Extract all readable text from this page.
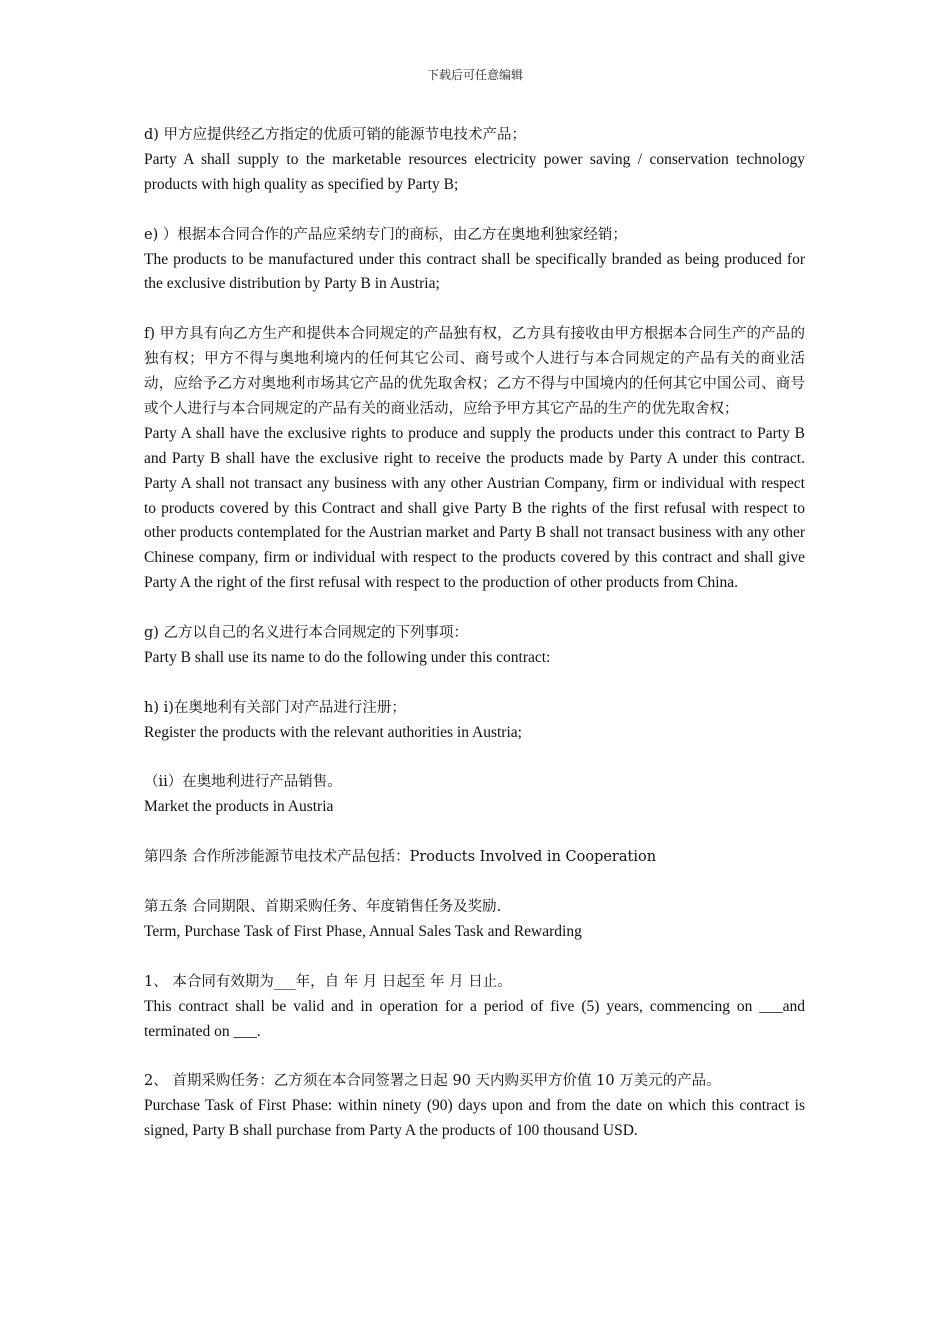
下载后可任意编辑

d) 甲方应提供经乙方指定的优质可销的能源节电技术产品；

Party A shall supply to the marketable resources electricity power saving / conservation technology products with high quality as specified by Party B;

e) ）根据本合同合作的产品应采纳专门的商标，由乙方在奥地利独家经销；

The products to be manufactured under this contract shall be specifically branded as being produced for the exclusive distribution by Party B in Austria;

f) 甲方具有向乙方生产和提供本合同规定的产品独有权，乙方具有接收由甲方根据本合同生产的产品的独有权；甲方不得与奥地利境内的任何其它公司、商号或个人进行与本合同规定的产品有关的商业活动，应给予乙方对奥地利市场其它产品的优先取舍权；乙方不得与中国境内的任何其它中国公司、商号或个人进行与本合同规定的产品有关的商业活动，应给予甲方其它产品的生产的优先取舍权；

Party A shall have the exclusive rights to produce and supply the products under this contract to Party B and Party B shall have the exclusive right to receive the products made by Party A under this contract. Party A shall not transact any business with any other Austrian Company, firm or individual with respect to products covered by this Contract and shall give Party B the rights of the first refusal with respect to other products contemplated for the Austrian market and Party B shall not transact business with any other Chinese company, firm or individual with respect to the products covered by this contract and shall give Party A the right of the first refusal with respect to the production of other products from China.

g) 乙方以自己的名义进行本合同规定的下列事项：

Party B shall use its name to do the following under this contract:

h) i)在奥地利有关部门对产品进行注册；

Register the products with the relevant authorities in Austria;

（ii）在奥地利进行产品销售。

Market the products in Austria

第四条 合作所涉能源节电技术产品包括：Products Involved in Cooperation

第五条 合同期限、首期采购任务、年度销售任务及奖励.

Term, Purchase Task of First Phase, Annual Sales Task and Rewarding

1、 本合同有效期为___年，自 年 月 日起至 年 月 日止。

This contract shall be valid and in operation for a period of five (5) years, commencing on ___and terminated on ___.

2、 首期采购任务：乙方须在本合同签署之日起 90 天内购买甲方价值 10 万美元的产品。

Purchase Task of First Phase: within ninety (90) days upon and from the date on which this contract is signed, Party B shall purchase from Party A the products of 100 thousand USD.
